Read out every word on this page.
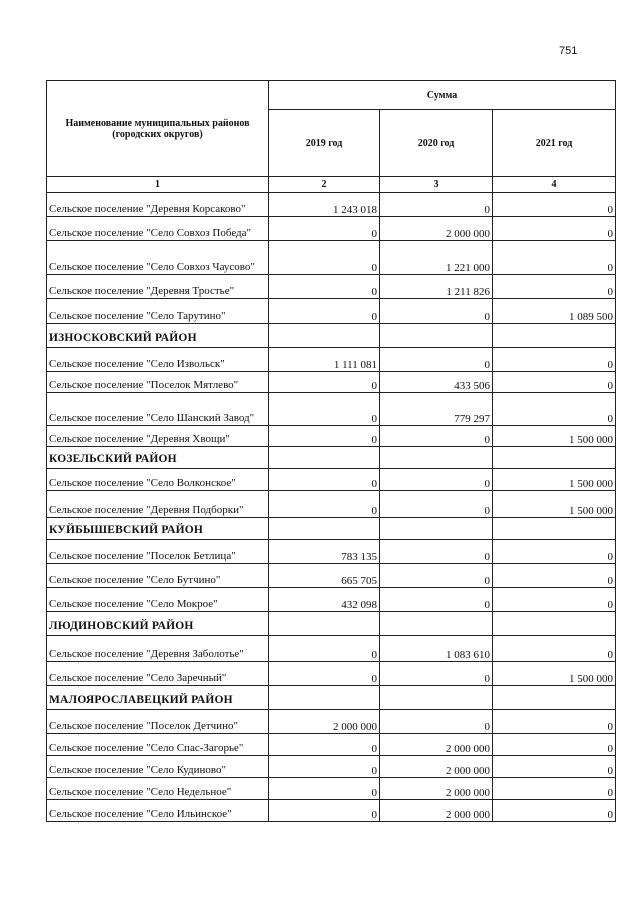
751
Наименование муниципальных районов (городских округов)	Сумма		
	2019 год	2020 год	2021 год
1	2	3	4
Сельское поселение "Деревня Корсаково"	1 243 018	0	0
Сельское поселение "Село Совхоз Победа"	0	2 000 000	0
Сельское поселение "Село Совхоз Чаусово"	0	1 221 000	0
Сельское поселение "Деревня Тростье"	0	1 211 826	0
Сельское поселение "Село Тарутино"	0	0	1 089 500
ИЗНОСКОВСКИЙ РАЙОН			
Сельское поселение "Село Извольск"	1 111 081	0	0
Сельское поселение "Поселок Мятлево"	0	433 506	0
Сельское поселение "Село Шанский Завод"	0	779 297	0
Сельское поселение "Деревня Хвощи"	0	0	1 500 000
КОЗЕЛЬСКИЙ РАЙОН			
Сельское поселение "Село Волконское"	0	0	1 500 000
Сельское поселение "Деревня Подборки"	0	0	1 500 000
КУЙБЫШЕВСКИЙ РАЙОН			
Сельское поселение "Поселок Бетлица"	783 135	0	0
Сельское поселение "Село Бутчино"	665 705	0	0
Сельское поселение "Село Мокрое"	432 098	0	0
ЛЮДИНОВСКИЙ РАЙОН			
Сельское поселение "Деревня Заболотье"	0	1 083 610	0
Сельское поселение "Село Заречный"	0	0	1 500 000
МАЛОЯРОСЛАВЕЦКИЙ РАЙОН			
Сельское поселение "Поселок Детчино"	2 000 000	0	0
Сельское поселение "Село Спас-Загорье"	0	2 000 000	0
Сельское поселение "Село Кудиново"	0	2 000 000	0
Сельское поселение "Село Недельное"	0	2 000 000	0
Сельское поселение "Село Ильинское"	0	2 000 000	0
